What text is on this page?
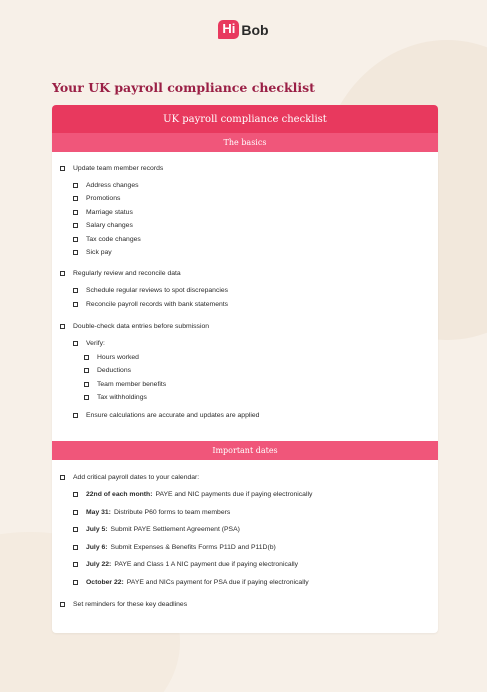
Hi Bob
Your UK payroll compliance checklist
UK payroll compliance checklist
The basics
Update team member records
Address changes
Promotions
Marriage status
Salary changes
Tax code changes
Sick pay
Regularly review and reconcile data
Schedule regular reviews to spot discrepancies
Reconcile payroll records with bank statements
Double-check data entries before submission
Verify:
Hours worked
Deductions
Team member benefits
Tax withholdings
Ensure calculations are accurate and updates are applied
Important dates
Add critical payroll dates to your calendar:
22nd of each month: PAYE and NIC payments due if paying electronically
May 31: Distribute P60 forms to team members
July 5: Submit PAYE Settlement Agreement (PSA)
July 6: Submit Expenses & Benefits Forms P11D and P11D(b)
July 22: PAYE and Class 1 A NIC payment due if paying electronically
October 22: PAYE and NICs payment for PSA due if paying electronically
Set reminders for these key deadlines
